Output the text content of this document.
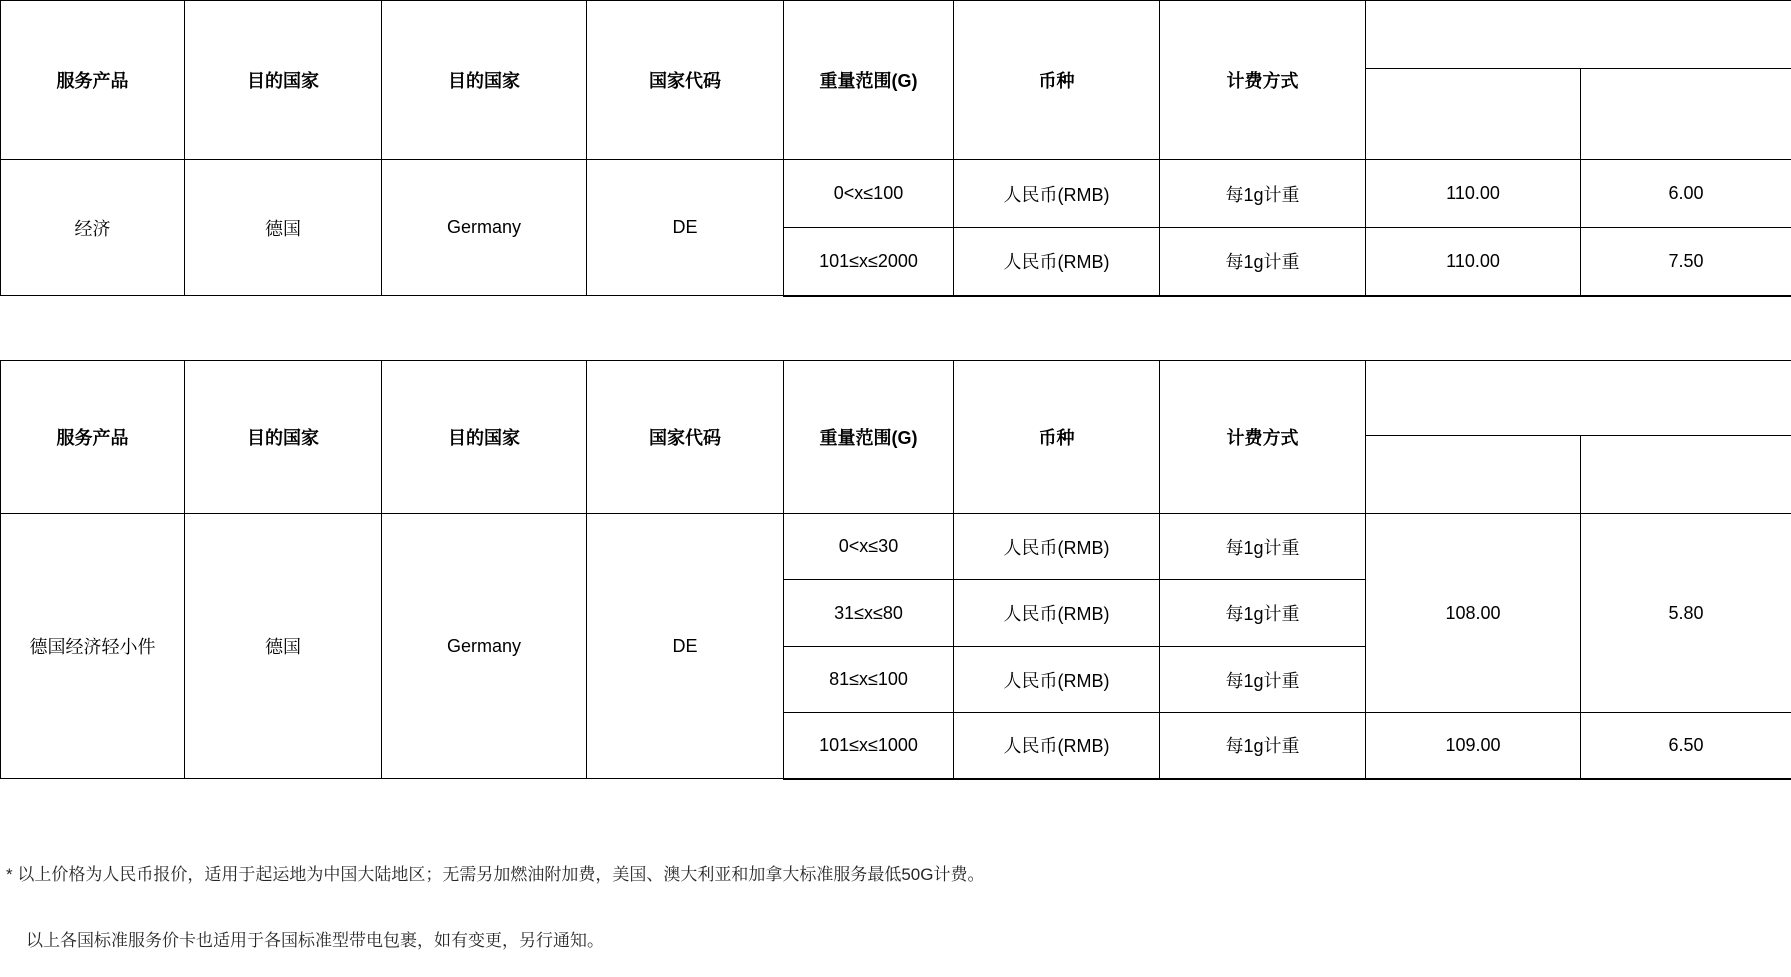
服务产品	目的国家	目的国家	国家代码	重量范围(G)	币种	计费方式	from 8/1	

配送服务费
RMB/KG

操作费
RMB/包裹

经济	德国	Germany	DE	0<x≤100	人民币(RMB)	每1g计重	110.00	6.00
				101≤x≤2000	人民币(RMB)	每1g计重	110.00	7.50
服务产品	目的国家	目的国家	国家代码	重量范围(G)	币种	计费方式	from 8/1	

配送服务费
RMB/KG

操作费
RMB/包裹

德国经济轻小件	德国	Germany	DE	0<x≤30	人民币(RMB)	每1g计重	108.00	5.80
				31≤x≤80	人民币(RMB)	每1g计重		
				81≤x≤100	人民币(RMB)	每1g计重		
				101≤x≤1000	人民币(RMB)	每1g计重	109.00	6.50
* 以上价格为人民币报价，适用于起运地为中国大陆地区；无需另加燃油附加费，美国、澳大利亚和加拿大标准服务最低50G计费。
以上各国标准服务价卡也适用于各国标准型带电包裹，如有变更，另行通知。
